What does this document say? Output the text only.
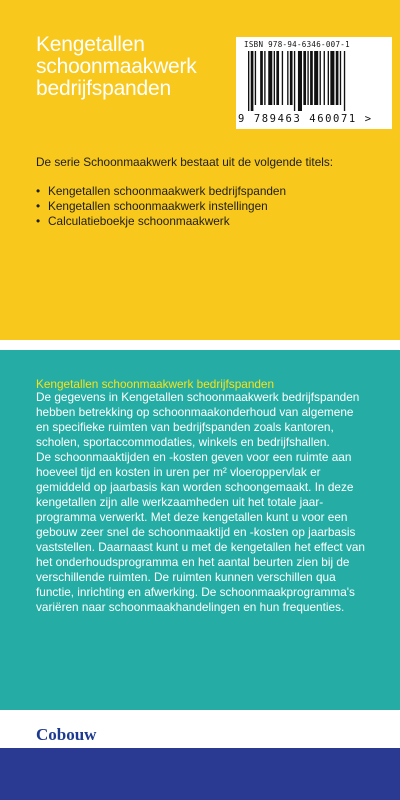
Kengetallen
schoonmaakwerk
bedrijfspanden
ISBN 978-94-6346-007-1
9 789463 460071 >
De serie Schoonmaakwerk bestaat uit de volgende titels:
• Kengetallen schoonmaakwerk bedrijfspanden
• Kengetallen schoonmaakwerk instellingen
• Calculatieboekje schoonmaakwerk
Kengetallen schoonmaakwerk bedrijfspanden
De gegevens in Kengetallen schoonmaakwerk bedrijfspanden
hebben betrekking op schoonmaakonderhoud van algemene
en specifieke ruimten van bedrijfspanden zoals kantoren,
scholen, sportaccommodaties, winkels en bedrijfshallen.
De schoonmaaktijden en -kosten geven voor een ruimte aan
hoeveel tijd en kosten in uren per m² vloeroppervlak er
gemiddeld op jaarbasis kan worden schoongemaakt. In deze
kengetallen zijn alle werkzaamheden uit het totale jaar-
programma verwerkt. Met deze kengetallen kunt u voor een
gebouw zeer snel de schoonmaaktijd en -kosten op jaarbasis
vaststellen. Daarnaast kunt u met de kengetallen het effect van
het onderhoudsprogramma en het aantal beurten zien bij de
verschillende ruimten. De ruimten kunnen verschillen qua
functie, inrichting en afwerking. De schoonmaakprogramma's
variëren naar schoonmaakhandelingen en hun frequenties.
Cobouw
